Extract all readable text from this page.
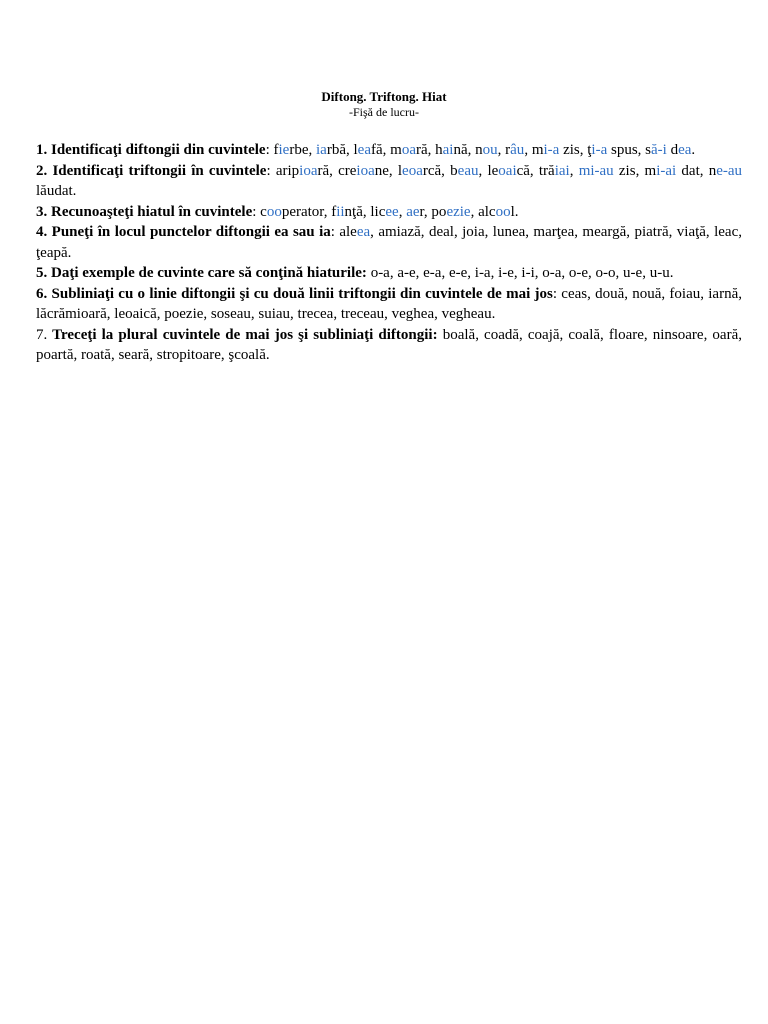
Diftong. Triftong. Hiat
-Fişă de lucru-

1. Identificaţi diftongii din cuvintele: fierbe, iarbă, leafă, moară, haină, nou, râu, mi-a zis, ţi-a spus, să-i dea.

2. Identificaţi triftongii în cuvintele: aripioară, creioane, leoarcă, beau, leoaică, trăiai, mi-au zis, mi-ai dat, ne-au lăudat.

3. Recunoaşteţi hiatul în cuvintele: cooperator, fiinţă, licee, aer, poezie, alcool.

4. Puneţi în locul punctelor diftongii ea sau ia: aleea, amiază, deal, joia, lunea, marţea, meargă, piatră, viaţă, leac, ţeapă.

5. Daţi exemple de cuvinte care să conţină hiaturile: o-a, a-e, e-a, e-e, i-a, i-e, i-i, o-a, o-e, o-o, u-e, u-u.

6. Subliniaţi cu o linie diftongii şi cu două linii triftongii din cuvintele de mai jos: ceas, două, nouă, foiau, iarnă, lăcrămioară, leoaică, poezie, soseau, suiau, trecea, treceau, veghea, vegheau.

7. Treceţi la plural cuvintele de mai jos şi subliniaţi diftongii: boală, coadă, coajă, coală, floare, ninsoare, oară, poartă, roată, seară, stropitoare, şcoală.
